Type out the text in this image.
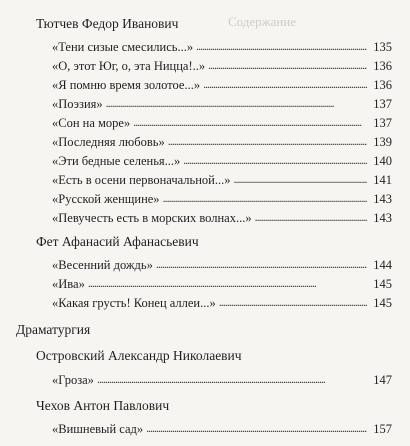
Содержание
Тютчев Федор Иванович
«Тени сизые смесились...» . . .	135
«О, этот Юг, о, эта Ницца!..» . . .	136
«Я помню время золотое...» . . .	136
«Поэзия» . . .	137
«Сон на море» . . .	137
«Последняя любовь» . . .	139
«Эти бедные селенья...» . . .	140
«Есть в осени первоначальной...» . . .	141
«Русской женщине» . . .	143
«Певучесть есть в морских волнах...» . . .	143
Фет Афанасий Афанасьевич
«Весенний дождь» . . .	144
«Ива» . . .	145
«Какая грусть! Конец аллеи...» . . .	145
Драматургия
Островский Александр Николаевич
«Гроза» . . .	147
Чехов Антон Павлович
«Вишневый сад» . . .	157
